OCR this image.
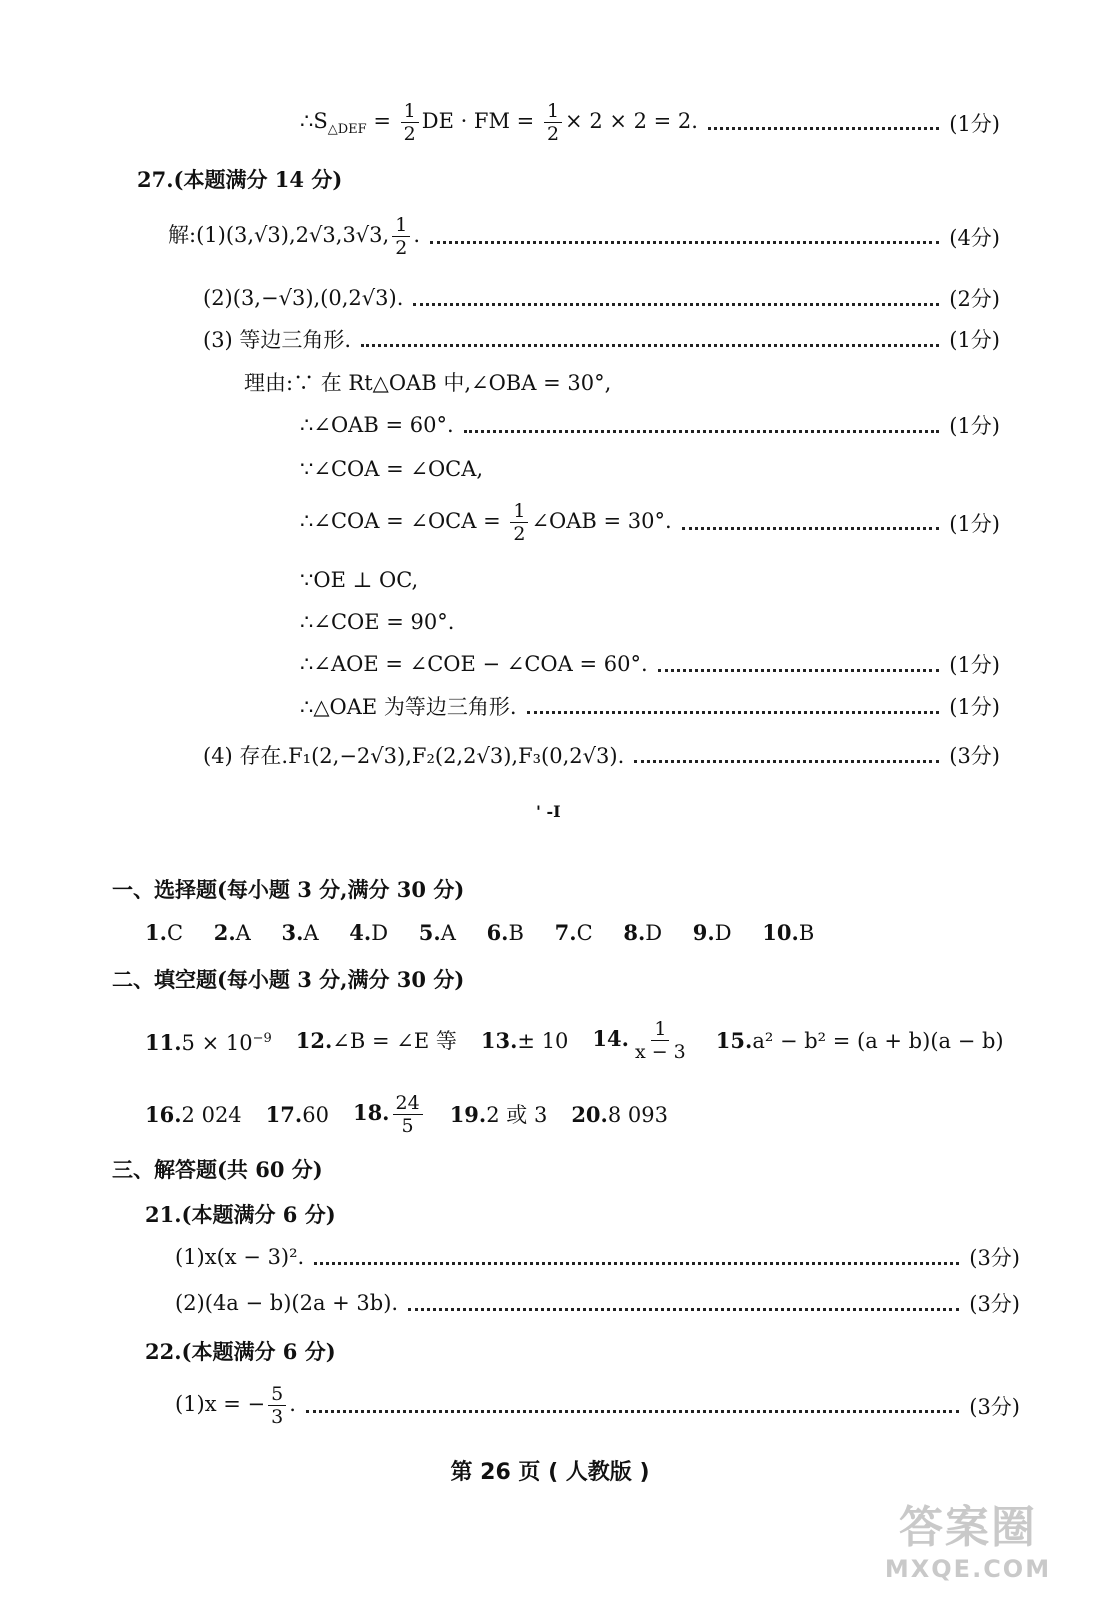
$\therefore S_{\triangle DEF} = \frac{1}{2}$ DE · FM = $\frac{1}{2} \times 2 \times 2 = 2$.	(1分)
27.(本题满分 14 分)
解:(1)(3,√3),2√3,3√3, $\frac{1}{2}$ .	(4分)
(2)(3,−√3),(0,2√3).	(2分)
(3) 等边三角形.	(1分)
理由:∵ 在 Rt△OAB 中,∠OBA = 30°,
∴∠OAB = 60°.	(1分)
∵∠COA = ∠OCA,
∴∠COA = ∠OCA = $\frac{1}{2}$ ∠OAB = 30°.	(1分)
∵OE ⊥ OC,
∴∠COE = 90°.
∴∠AOE = ∠COE − ∠COA = 60°.	(1分)
∴△OAE 为等边三角形.	(1分)
(4) 存在.F₁(2,−2√3),F₂(2,2√3),F₃(0,2√3).	(3分)
' -I
一、选择题(每小题 3 分,满分 30 分)
1.C 2.A 3.A 4.D 5.A 6.B 7.C 8.D 9.D 10.B
二、填空题(每小题 3 分,满分 30 分)
$11.5 \times 10^{-9}$ 12.∠B = ∠E 等 13.± 10 14. $\frac{1}{x - 3} 15.a^2 - b^2 = (a + b)(a - b)$
16.2 024 17.60 18. $\frac{24}{5} 19.2$ 或 3 20.8 093
三、解答题(共 60 分)
21.(本题满分 6 分)
(1)x(x − 3)².	(3分)
(2)(4a − b)(2a + 3b).	(3分)
22.(本题满分 6 分)
(1)x = − $\frac{5}{3}$ .	(3分)
第 26 页 ( 人教版 )
答案圈
MXQE.COM
